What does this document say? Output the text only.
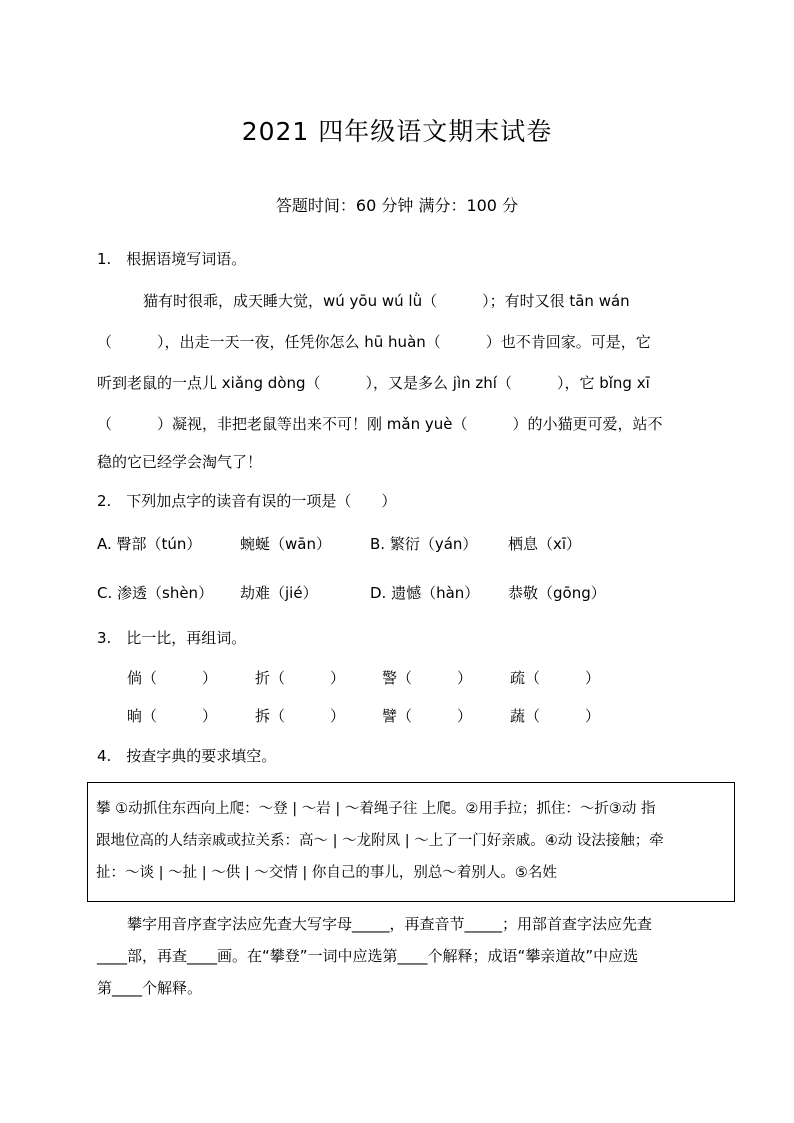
2021 四年级语文期末试卷
答题时间：60 分钟 满分：100 分
1.　根据语境写词语。
猫有时很乖，成天睡大觉，wú yōu wú lǜ（　　　）；有时又很 tān wán
（　　　），出走一天一夜，任凭你怎么 hū huàn（　　　）也不肯回家。可是，它
听到老鼠的一点儿 xiǎng dòng（　　　），又是多么 jìn zhí（　　　），它 bǐng xī
（　　　）凝视，非把老鼠等出来不可！刚 mǎn yuè（　　　）的小猫更可爱，站不
稳的它已经学会淘气了！
2.　下列加点字的读音有误的一项是（　　）
A. 臀部（tún）	蜿蜒（wān）	B. 繁衍（yán） 栖息（xī）
C. 渗透（shèn） 劫难（jié）	D. 遗憾（hàn） 恭敬（gōng）
3.　比一比，再组词。
倘（　　　）	折（　　　） 警（　　　）	疏（　　　）
晌（　　　）	拆（　　　） 譬（　　　）	蔬（　　　）
4.　按查字典的要求填空。
攀 ①动抓住东西向上爬：～登 | ～岩 | ～着绳子往 上爬。②用手拉；抓住：～折③动 指
跟地位高的人结亲戚或拉关系：高～ | ～龙附凤 | ～上了一门好亲戚。④动 设法接触；牵
扯：～谈 | ～扯 | ～供 | ～交情 | 你自己的事儿，别总～着别人。⑤名姓
攀字用音序查字法应先查大写字母_____，再查音节_____；用部首查字法应先查
____部，再查____画。在“攀登”一词中应选第____个解释；成语“攀亲道故”中应选
第____个解释。
